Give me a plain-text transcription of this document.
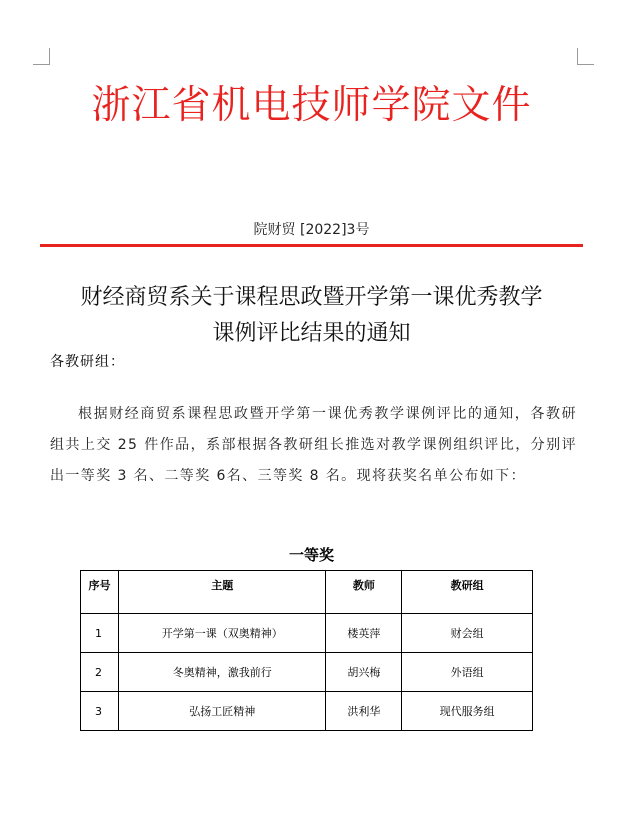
浙江省机电技师学院文件
院财贸 [2022]3号
财经商贸系关于课程思政暨开学第一课优秀教学
课例评比结果的通知
各教研组：
根据财经商贸系课程思政暨开学第一课优秀教学课例评比的通知，各教研组共上交 25 件作品，系部根据各教研组长推选对教学课例组织评比，分别评出一等奖 3 名、二等奖 6名、三等奖 8 名。现将获奖名单公布如下：
一等奖
序号	主题	教师	教研组
1	开学第一课（双奥精神）	楼英萍	财会组
2	冬奥精神，激我前行	胡兴梅	外语组
3	弘扬工匠精神	洪利华	现代服务组
